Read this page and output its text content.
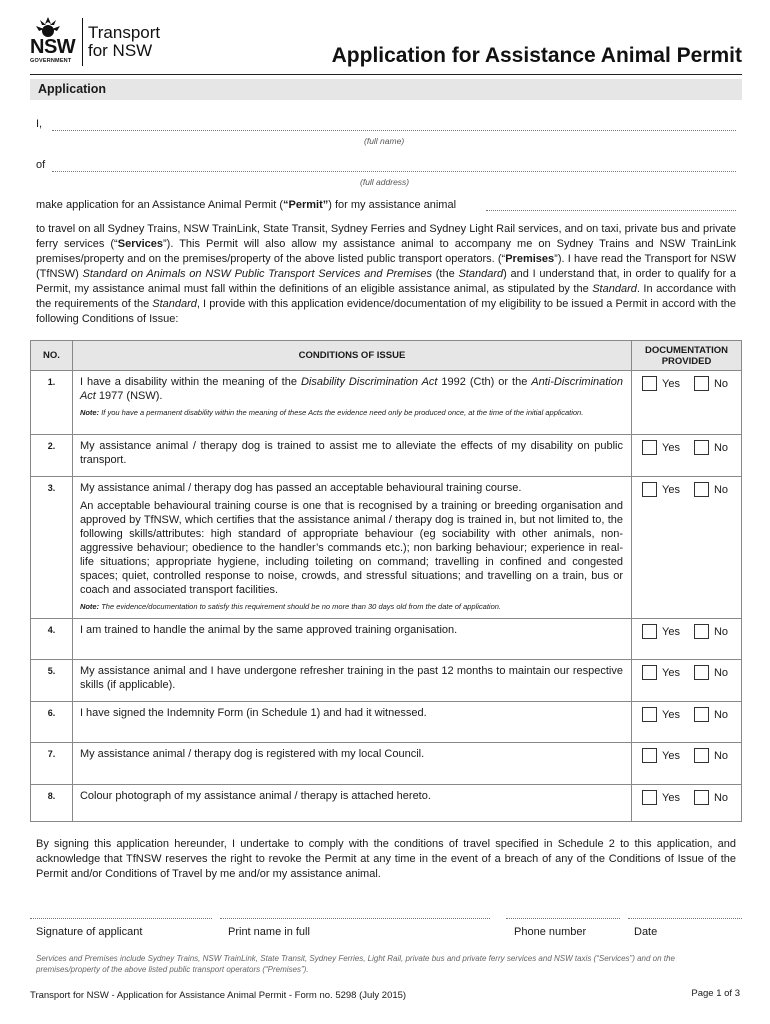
NSW
GOVERNMENT
Transport
for NSW	Application for Assistance Animal Permit
Application
I,
(full name)
of
(full address)
make application for an Assistance Animal Permit (“Permit”) for my assistance animal
to travel on all Sydney Trains, NSW TrainLink, State Transit, Sydney Ferries and Sydney Light Rail services, and on taxi, private bus and private ferry services (“Services”). This Permit will also allow my assistance animal to accompany me on Sydney Trains and NSW TrainLink premises/property and on the premises/property of the above listed public transport operators. (“Premises”). I have read the Transport for NSW (TfNSW) Standard on Animals on NSW Public Transport Services and Premises (the Standard) and I understand that, in order to qualify for a Permit, my assistance animal must fall within the definitions of an eligible assistance animal, as stipulated by the Standard. In accordance with the requirements of the Standard, I provide with this application evidence/documentation of my eligibility to be issued a Permit in accord with the following Conditions of Issue:
NO.	CONDITIONS OF ISSUE	DOCUMENTATION PROVIDED
1.	I have a disability within the meaning of the Disability Discrimination Act 1992 (Cth) or the Anti-Discrimination Act 1977 (NSW).
Note: If you have a permanent disability within the meaning of these Acts the evidence need only be produced once, at the time of the initial application.	Yes No

2.	My assistance animal / therapy dog is trained to assist me to alleviate the effects of my disability on public transport.	Yes No

3.	My assistance animal / therapy dog has passed an acceptable behavioural training course.
An acceptable behavioural training course is one that is recognised by a training or breeding organisation and approved by TfNSW, which certifies that the assistance animal / therapy dog is trained in, but not limited to, the following skills/attributes: high standard of appropriate behaviour (eg sociability with other animals, non-aggressive behaviour; obedience to the handler’s commands etc.); non barking behaviour; experience in real-life situations; appropriate hygiene, including toileting on command; travelling in confined and congested spaces; quiet, controlled response to noise, crowds, and stressful situations; and travelling on a train, bus or coach and associated transport facilities.
Note: The evidence/documentation to satisfy this requirement should be no more than 30 days old from the date of application.	Yes No

4.	I am trained to handle the animal by the same approved training organisation.	Yes No

5.	My assistance animal and I have undergone refresher training in the past 12 months to maintain our respective skills (if applicable).	Yes No

6.	I have signed the Indemnity Form (in Schedule 1) and had it witnessed.	Yes No

7.	My assistance animal / therapy dog is registered with my local Council.	Yes No

8.	Colour photograph of my assistance animal / therapy is attached hereto.	Yes No
By signing this application hereunder, I undertake to comply with the conditions of travel specified in Schedule 2 to this application, and acknowledge that TfNSW reserves the right to revoke the Permit at any time in the event of a breach of any of the Conditions of Issue of the Permit and/or Conditions of Travel by me and/or my assistance animal.
Signature of applicant	Print name in full	Phone number	Date
Services and Premises include Sydney Trains, NSW TrainLink, State Transit, Sydney Ferries, Light Rail, private bus and private ferry services and NSW taxis (“Services”) and on the premises/property of the above listed public transport operators (“Premises”).
Transport for NSW - Application for Assistance Animal Permit - Form no. 5298 (July 2015)	Page 1 of 3
